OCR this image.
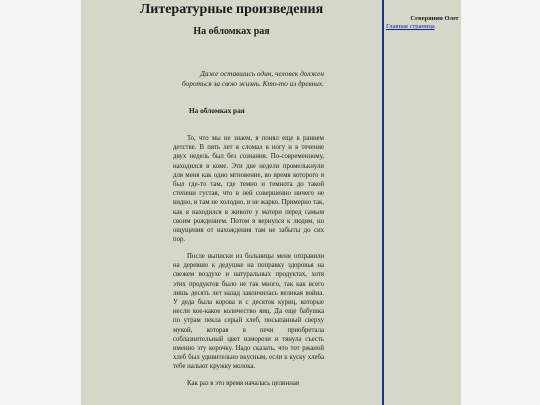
Литературные произведения
На обломках рая

Даже оставшись один, человек должен бороться за свою жизнь. Кто-то из древних.

На обломках рая

То, что мы не знаем, я понял еще в раннем детстве. В пять лет я сломал в ногу и в течение двух недель был без сознания. По-современному, находился в коме. Эти две недели промелькнули для меня как одно мгновение, во время которого я был где-то там, где темно и темнота до такой степени густая, что в ней совершенно ничего не видно, и там не холодно, и не жарко. Примерно так, как я находился в животе у матери перед самым своим рождением. Потом я вернулся к людям, но ощущения от нахождения там не забыты до сих пор.

После выписки из больницы меня отправили на деревню к дедушке на поправку здоровья на свежем воздухе и натуральных продуктах, хотя этих продуктов было не так много, так как всего лишь десять лет назад закончилась великая война. У деда была корова и с десяток куриц, которые несли кое-какое количество яиц. Да еще бабушка по утрам пекла серый хлеб, посыпанный сверху мукой, которая в печи приобретала соблазнительный цвет изморози и тянула съесть именно эту корочку. Надо сказать, что тот ржаной хлеб был удивительно вкусным, если к куску хлеба тебе нальют кружку молока.

Как раз в это время началась целинная

Северянин Олег
Главная страница
